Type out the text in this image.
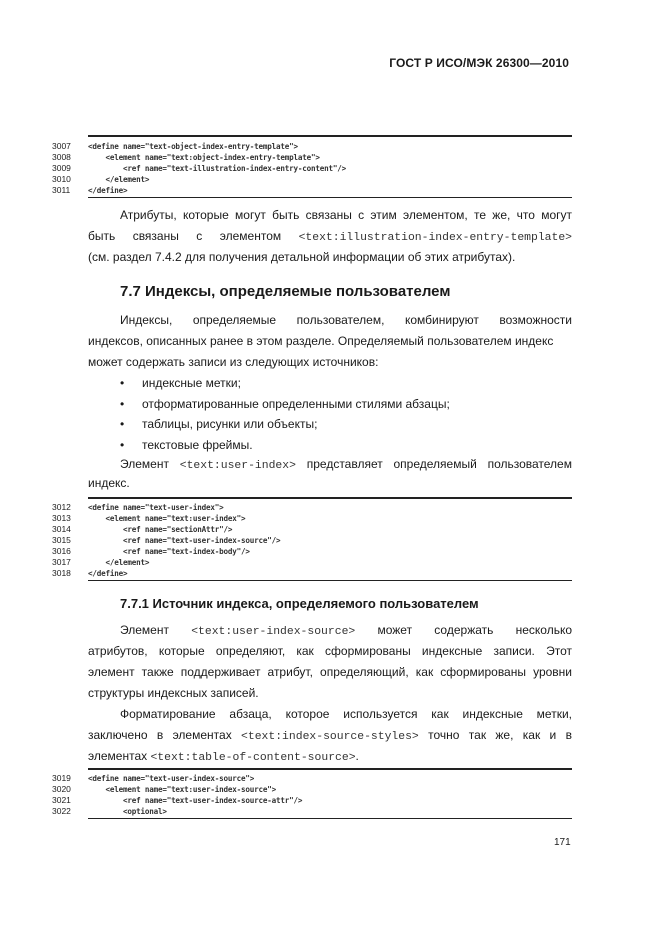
ГОСТ Р ИСО/МЭК 26300—2010
3007	<define name="text-object-index-entry-template">
3008	<element name="text:object-index-entry-template">
3009	<ref name="text-illustration-index-entry-content"/>
3010	</element>
3011	</define>
Атрибуты, которые могут быть связаны с этим элементом, те же, что могут
быть связаны с элементом <text:illustration-index-entry-template>
(см. раздел 7.4.2 для получения детальной информации об этих атрибутах).
7.7 Индексы, определяемые пользователем
Индексы, определяемые пользователем, комбинируют возможности
индексов, описанных ранее в этом разделе. Определяемый пользователем индекс
может содержать записи из следующих источников:
• индексные метки;
• отформатированные определенными стилями абзацы;
• таблицы, рисунки или объекты;
• текстовые фреймы.
Элемент <text:user-index> представляет определяемый пользователем
индекс.
3012	<define name="text-user-index">
3013	<element name="text:user-index">
3014	<ref name="sectionAttr"/>
3015	<ref name="text-user-index-source"/>
3016	<ref name="text-index-body"/>
3017	</element>
3018	</define>
7.7.1 Источник индекса, определяемого пользователем
Элемент <text:user-index-source> может содержать несколько
атрибутов, которые определяют, как сформированы индексные записи. Этот
элемент также поддерживает атрибут, определяющий, как сформированы уровни
структуры индексных записей.
Форматирование абзаца, которое используется как индексные метки,
заключено в элементах <text:index-source-styles> точно так же, как и в
элементах <text:table-of-content-source>.
3019	<define name="text-user-index-source">
3020	<element name="text:user-index-source">
3021	<ref name="text-user-index-source-attr"/>
3022	<optional>
171
